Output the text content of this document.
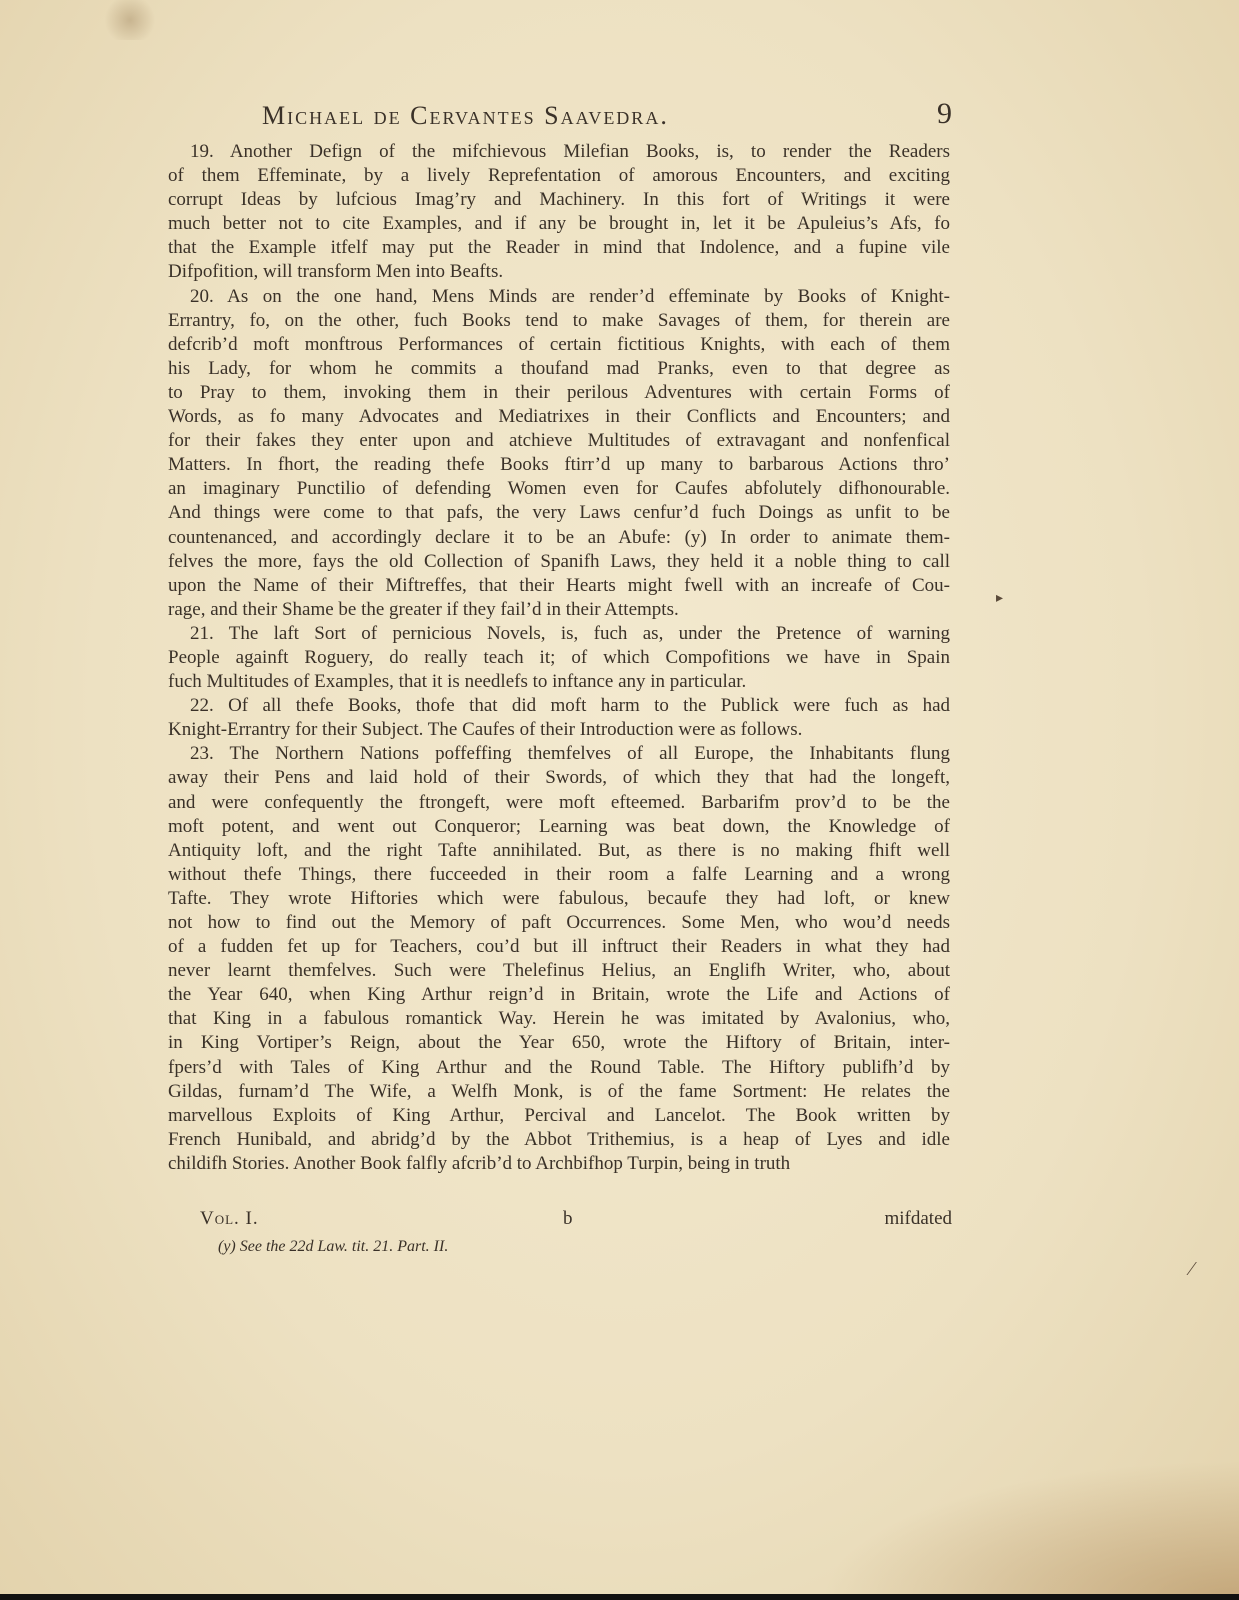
Michael de Cervantes Saavedra.	9

19. Another Defign of the mifchievous Milefian Books, is, to render the Readers
of them Effeminate, by a lively Reprefentation of amorous Encounters, and exciting
corrupt Ideas by lufcious Imag’ry and Machinery. In this fort of Writings it were
much better not to cite Examples, and if any be brought in, let it be Apuleius’s Afs, fo
that the Example itfelf may put the Reader in mind that Indolence, and a fupine vile
Difpofition, will transform Men into Beafts.

20. As on the one hand, Mens Minds are render’d effeminate by Books of Knight-
Errantry, fo, on the other, fuch Books tend to make Savages of them, for therein are
defcrib’d moft monftrous Performances of certain fictitious Knights, with each of them
his Lady, for whom he commits a thoufand mad Pranks, even to that degree as
to Pray to them, invoking them in their perilous Adventures with certain Forms of
Words, as fo many Advocates and Mediatrixes in their Conflicts and Encounters; and
for their fakes they enter upon and atchieve Multitudes of extravagant and nonfenfical
Matters. In fhort, the reading thefe Books ftirr’d up many to barbarous Actions thro’
an imaginary Punctilio of defending Women even for Caufes abfolutely difhonourable.
And things were come to that pafs, the very Laws cenfur’d fuch Doings as unfit to be
countenanced, and accordingly declare it to be an Abufe: (y) In order to animate them-
felves the more, fays the old Collection of Spanifh Laws, they held it a noble thing to call
upon the Name of their Miftreffes, that their Hearts might fwell with an increafe of Cou-
rage, and their Shame be the greater if they fail’d in their Attempts.

21. The laft Sort of pernicious Novels, is, fuch as, under the Pretence of warning
People againft Roguery, do really teach it; of which Compofitions we have in Spain
fuch Multitudes of Examples, that it is needlefs to inftance any in particular.

22. Of all thefe Books, thofe that did moft harm to the Publick were fuch as had
Knight-Errantry for their Subject. The Caufes of their Introduction were as follows.

23. The Northern Nations poffeffing themfelves of all Europe, the Inhabitants flung
away their Pens and laid hold of their Swords, of which they that had the longeft,
and were confequently the ftrongeft, were moft efteemed. Barbarifm prov’d to be the
moft potent, and went out Conqueror; Learning was beat down, the Knowledge of
Antiquity loft, and the right Tafte annihilated. But, as there is no making fhift well
without thefe Things, there fucceeded in their room a falfe Learning and a wrong
Tafte. They wrote Hiftories which were fabulous, becaufe they had loft, or knew
not how to find out the Memory of paft Occurrences. Some Men, who wou’d needs
of a fudden fet up for Teachers, cou’d but ill inftruct their Readers in what they had
never learnt themfelves. Such were Thelefinus Helius, an Englifh Writer, who, about
the Year 640, when King Arthur reign’d in Britain, wrote the Life and Actions of
that King in a fabulous romantick Way. Herein he was imitated by Avalonius, who,
in King Vortiper’s Reign, about the Year 650, wrote the Hiftory of Britain, inter-
fpers’d with Tales of King Arthur and the Round Table. The Hiftory publifh’d by
Gildas, furnam’d The Wife, a Welfh Monk, is of the fame Sortment: He relates the
marvellous Exploits of King Arthur, Percival and Lancelot. The Book written by
French Hunibald, and abridg’d by the Abbot Trithemius, is a heap of Lyes and idle
childifh Stories. Another Book falfly afcrib’d to Archbifhop Turpin, being in truth

Vol. I.	b	mifdated
(y) See the 22d Law. tit. 21. Part. II.
▸
⁄
